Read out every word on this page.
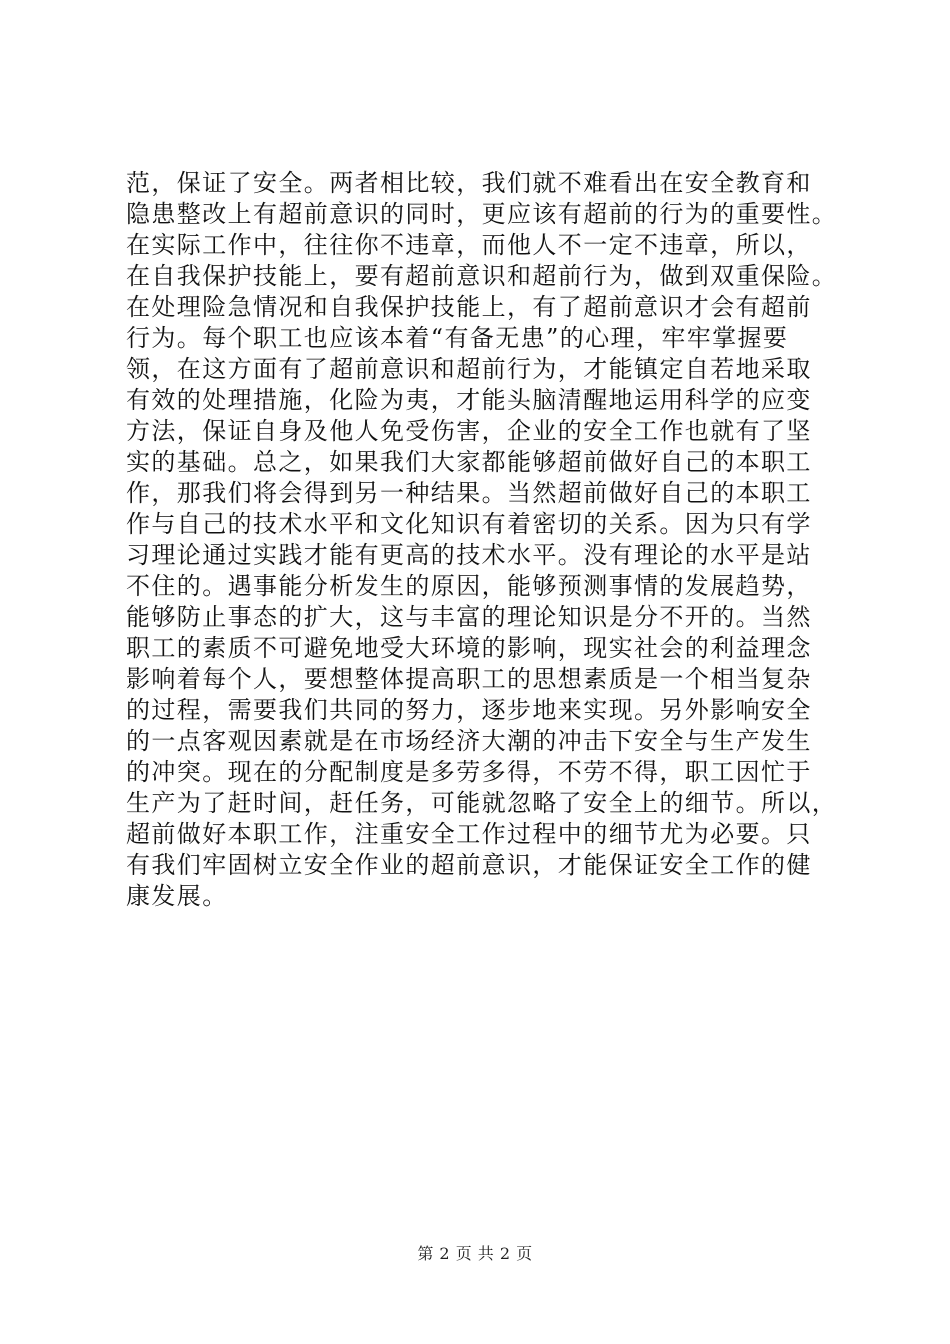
范，保证了安全。两者相比较，我们就不难看出在安全教育和
隐患整改上有超前意识的同时，更应该有超前的行为的重要性。
在实际工作中，往往你不违章，而他人不一定不违章，所以，
在自我保护技能上，要有超前意识和超前行为，做到双重保险。
在处理险急情况和自我保护技能上，有了超前意识才会有超前
行为。每个职工也应该本着“有备无患”的心理，牢牢掌握要
领，在这方面有了超前意识和超前行为，才能镇定自若地采取
有效的处理措施，化险为夷，才能头脑清醒地运用科学的应变
方法，保证自身及他人免受伤害，企业的安全工作也就有了坚
实的基础。总之，如果我们大家都能够超前做好自己的本职工
作，那我们将会得到另一种结果。当然超前做好自己的本职工
作与自己的技术水平和文化知识有着密切的关系。因为只有学
习理论通过实践才能有更高的技术水平。没有理论的水平是站
不住的。遇事能分析发生的原因，能够预测事情的发展趋势，
能够防止事态的扩大，这与丰富的理论知识是分不开的。当然
职工的素质不可避免地受大环境的影响，现实社会的利益理念
影响着每个人，要想整体提高职工的思想素质是一个相当复杂
的过程，需要我们共同的努力，逐步地来实现。另外影响安全
的一点客观因素就是在市场经济大潮的冲击下安全与生产发生
的冲突。现在的分配制度是多劳多得，不劳不得，职工因忙于
生产为了赶时间，赶任务，可能就忽略了安全上的细节。所以，
超前做好本职工作，注重安全工作过程中的细节尤为必要。只
有我们牢固树立安全作业的超前意识，才能保证安全工作的健
康发展。
第 2 页 共 2 页
